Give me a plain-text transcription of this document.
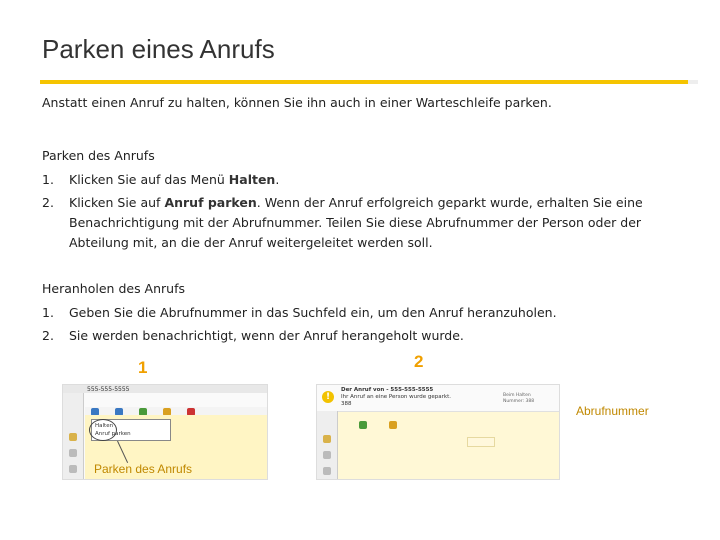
Parken eines Anrufs
Anstatt einen Anruf zu halten, können Sie ihn auch in einer Warteschleife parken.
Parken des Anrufs
1. Klicken Sie auf das Menü Halten.
2. Klicken Sie auf Anruf parken. Wenn der Anruf erfolgreich geparkt wurde, erhalten Sie eine Benachrichtigung mit der Abrufnummer. Teilen Sie diese Abrufnummer der Person oder der Abteilung mit, an die der Anruf weitergeleitet werden soll.
Heranholen des Anrufs
1. Geben Sie die Abrufnummer in das Suchfeld ein, um den Anruf heranzuholen.
2. Sie werden benachrichtigt, wenn der Anruf herangeholt wurde.
1	2
555-555-5555
Halten
Anruf parken
Parken des Anrufs
!
Der Anruf von - 555-555-5555
Ihr Anruf an eine Person wurde geparkt.
388
Beim Halten
Nummer: 388
Abrufnummer
